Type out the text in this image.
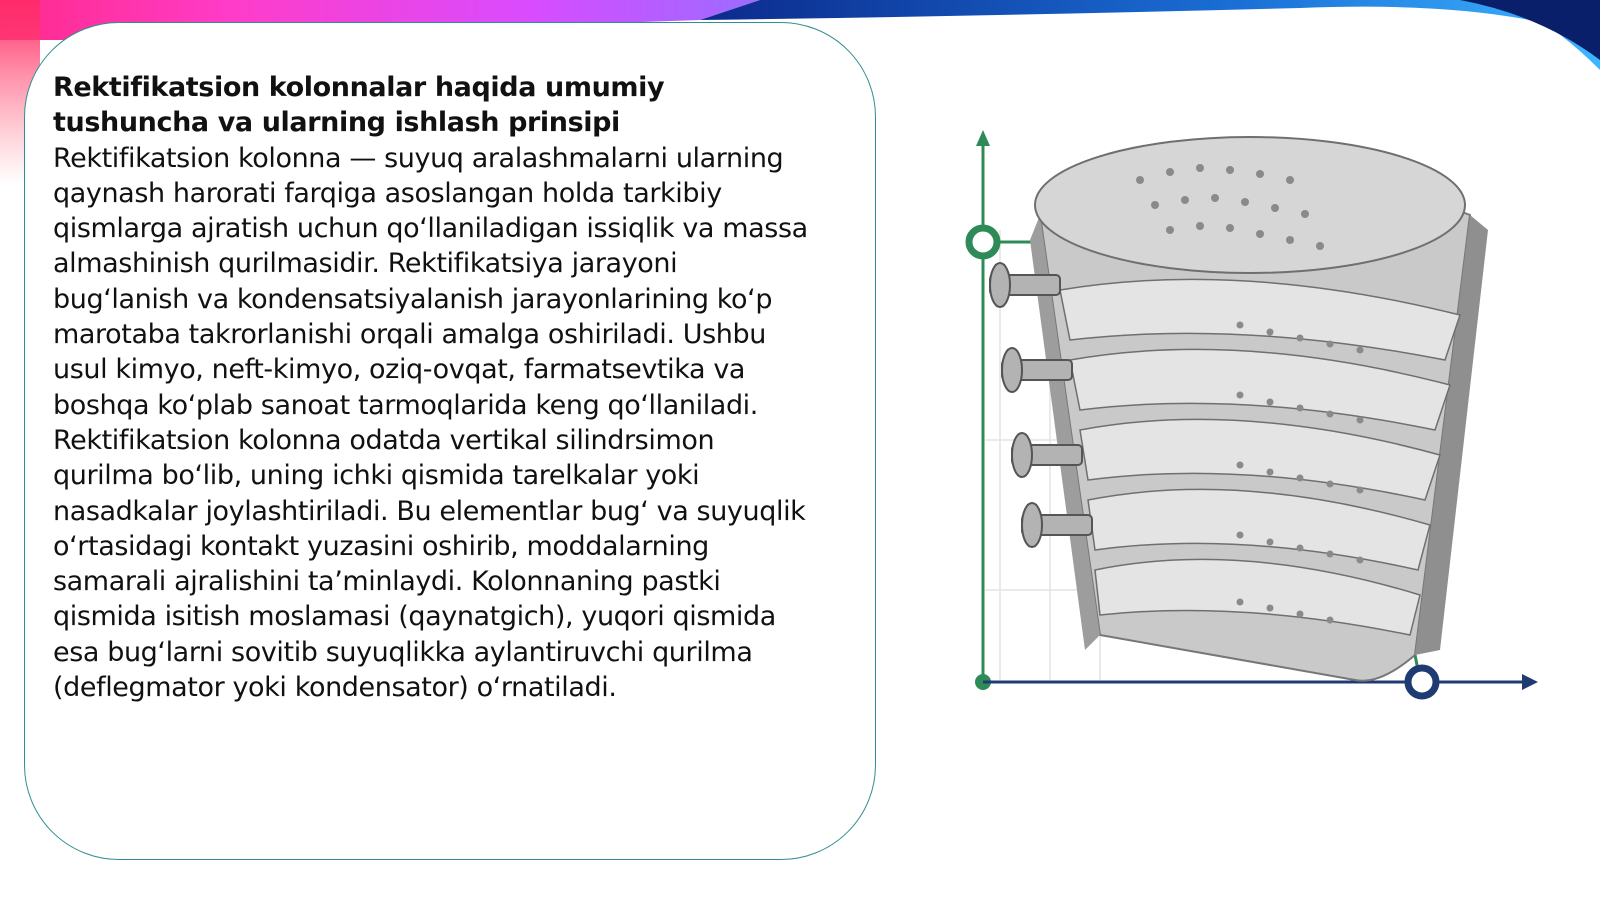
Rektifikatsion kolonnalar haqida umumiy tushuncha va ularning ishlash prinsipi

Rektifikatsion kolonna — suyuq aralashmalarni ularning qaynash harorati farqiga asoslangan holda tarkibiy qismlarga ajratish uchun qo‘llaniladigan issiqlik va massa almashinish qurilmasidir. Rektifikatsiya jarayoni bug‘lanish va kondensatsiyalanish jarayonlarining ko‘p marotaba takrorlanishi orqali amalga oshiriladi. Ushbu usul kimyo, neft-kimyo, oziq-ovqat, farmatsevtika va boshqa ko‘plab sanoat tarmoqlarida keng qo‘llaniladi. Rektifikatsion kolonna odatda vertikal silindrsimon qurilma bo‘lib, uning ichki qismida tarelkalar yoki nasadkalar joylashtiriladi. Bu elementlar bug‘ va suyuqlik o‘rtasidagi kontakt yuzasini oshirib, moddalarning samarali ajralishini ta’minlaydi. Kolonnaning pastki qismida isitish moslamasi (qaynatgich), yuqori qismida esa bug‘larni sovitib suyuqlikka aylantiruvchi qurilma (deflegmator yoki kondensator) o‘rnatiladi.
